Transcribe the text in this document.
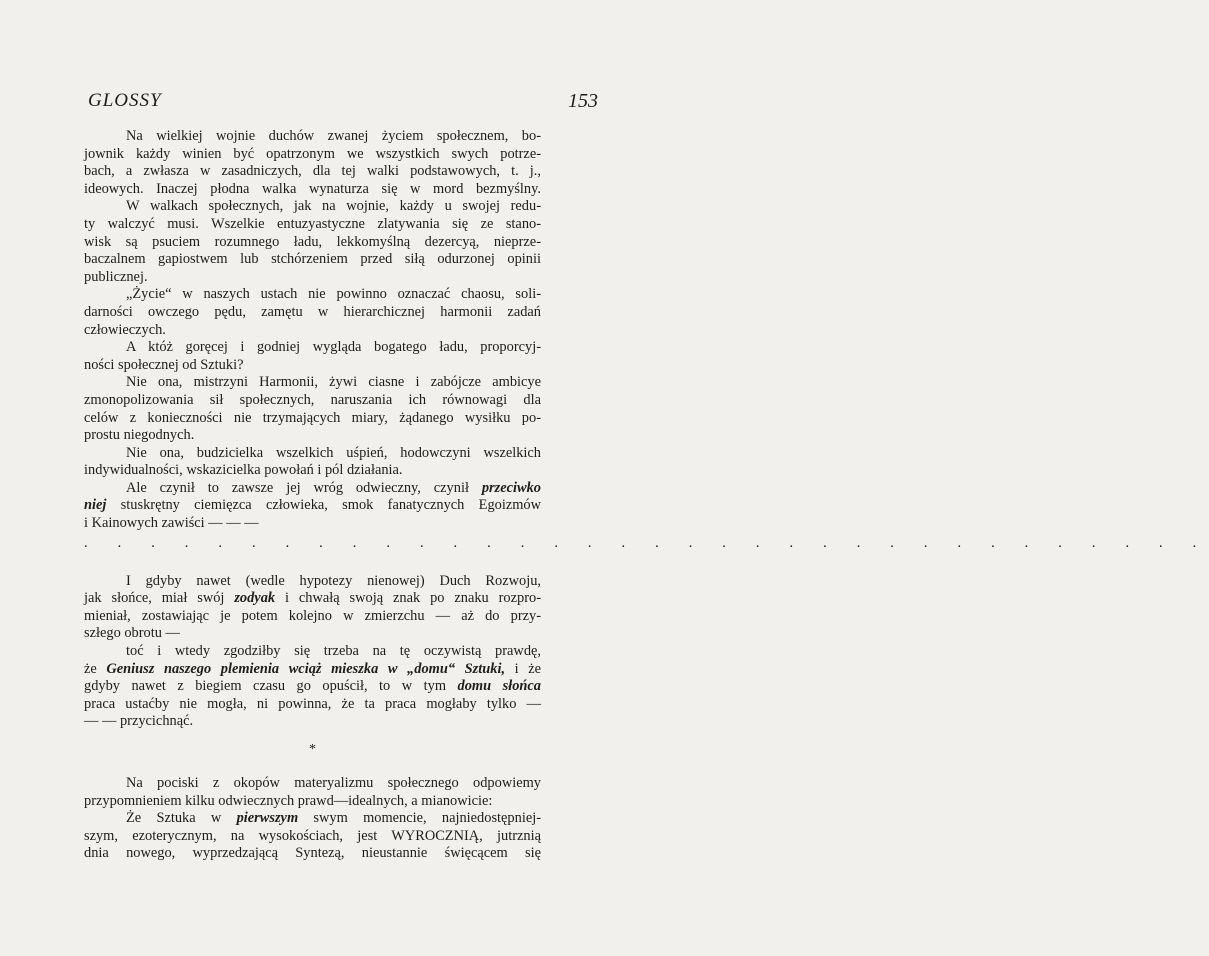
GLOSSY	153
Na wielkiej wojnie duchów zwanej życiem społecznem, bo-
jownik każdy winien być opatrzonym we wszystkich swych potrze-
bach, a zwłasza w zasadniczych, dla tej walki podstawowych, t. j.,
ideowych. Inaczej płodna walka wynaturza się w mord bezmyślny.
W walkach społecznych, jak na wojnie, każdy u swojej redu-
ty walczyć musi. Wszelkie entuzyastyczne zlatywania się ze stano-
wisk są psuciem rozumnego ładu, lekkomyślną dezercyą, nieprze-
baczalnem gapiostwem lub stchórzeniem przed siłą odurzonej opinii
publicznej.
„Życie“ w naszych ustach nie powinno oznaczać chaosu, soli-
darności owczego pędu, zamętu w hierarchicznej harmonii zadań
człowieczych.
A któż goręcej i godniej wygląda bogatego ładu, proporcyj-
ności społecznej od Sztuki?
Nie ona, mistrzyni Harmonii, żywi ciasne i zabójcze ambicye
zmonopolizowania sił społecznych, naruszania ich równowagi dla
celów z konieczności nie trzymających miary, żądanego wysiłku po-
prostu niegodnych.
Nie ona, budzicielka wszelkich uśpień, hodowczyni wszelkich
indywidualności, wskazicielka powołań i pól działania.
Ale czynił to zawsze jej wróg odwieczny, czynił przeciwko
niej stuskrętny ciemięzca człowieka, smok fanatycznych Egoizmów
i Kainowych zawiści — — —
. . . . . . . . . . . . . . . . . . . . . . . . . . . . . . . . . .
I gdyby nawet (wedle hypotezy nienowej) Duch Rozwoju,
jak słońce, miał swój zodyak i chwałą swoją znak po znaku rozpro-
mieniał, zostawiając je potem kolejno w zmierzchu — aż do przy-
szłego obrotu —
toć i wtedy zgodziłby się trzeba na tę oczywistą prawdę,
że Geniusz naszego plemienia wciąż mieszka w „domu“ Sztuki, i że
gdyby nawet z biegiem czasu go opuścił, to w tym domu słońca
praca ustaćby nie mogła, ni powinna, że ta praca mogłaby tylko —
— — przycichnąć.
*
Na pociski z okopów materyalizmu społecznego odpowiemy
przypomnieniem kilku odwiecznych prawd—idealnych, a mianowicie:
Że Sztuka w pierwszym swym momencie, najniedostępniej-
szym, ezoterycznym, na wysokościach, jest WYROCZNIĄ, jutrznią
dnia nowego, wyprzedzającą Syntezą, nieustannie święcącem się
